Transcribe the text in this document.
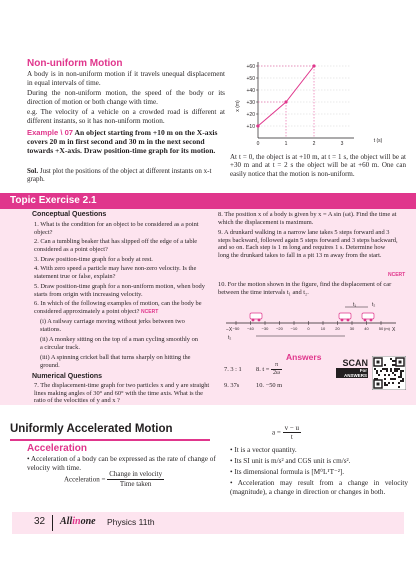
Non-uniform Motion
A body is in non-uniform motion if it travels unequal displacement in equal intervals of time.
During the non-uniform motion, the speed of the body or its direction of motion or both change with time.
e.g. The velocity of a vehicle on a crowded road is different at different instants, so it has non-uniform motion.
Example \ 07 An object starting from +10 m on the X-axis covers 20 m in first second and 30 m in the next second towards +X-axis. Draw position-time graph for its motion.
Sol. Just plot the positions of the object at different instants on x-t graph.
+10
+20
+30
+40
+50
+60
0	1	2	3
x (m)
t (s)
At t = 0, the object is at +10 m, at t = 1 s, the object will be at +30 m and at t = 2 s the object will be at +60 m. One can easily notice that the motion is non-uniform.
Topic Exercise 2.1
Conceptual Questions
1. What is the condition for an object to be considered as a point object?
2. Can a tumbling beaker that has slipped off the edge of a table considered as a point object?
3. Draw position-time graph for a body at rest.
4. With zero speed a particle may have non-zero velocity. Is the statement true or false, explain?
5. Draw position-time graph for a non-uniform motion, when body starts from origin with increasing velocity.
6. In which of the following examples of motion, can the body be considered approximately a point object? NCERT
(i) A railway carriage moving without jerks between two stations.
(ii) A monkey sitting on the top of a man cycling smoothly on a circular track.
(iii) A spinning cricket ball that turns sharply on hitting the ground.
Numerical Questions
7. The displacement-time graph for two particles x and y are straight lines making angles of 30° and 60° with the time axis. What is the ratio of the velocities of y and x ?
8. The position x of a body is given by x = A sin (ωt). Find the time at which the displacement is maximum.
9. A drunkard walking in a narrow lane takes 5 steps forward and 3 steps backward, followed again 5 steps forward and 3 steps backward, and so on. Each step is 1 m long and requires 1 s. Determine how long the drunkard takes to fall in a pit 13 m away from the start.
NCERT
10. For the motion shown in the figure, find the displacement of car between the time intervals t₁ and t₂.
−50 −40 −30 −20 −10 0	10	20	30	40	50
t₁	t₂
t₂
−X	X
(m)
Answers
7. 3 : 1 8. $t = \frac{\pi}{2\omega}$
9. 37s	10. −50 m
SCAN
For ANSWERS
Uniformly Accelerated Motion	$a = \frac{v - u}{t}$
Acceleration
• Acceleration of a body can be expressed as the rate of change of velocity with time.
Acceleration = $\frac{\text{Change in velocity}}{\text{Time taken}}$
• It is a vector quantity.
• Its SI unit is m/s² and CGS unit is cm/s².
• Its dimensional formula is [M⁰L¹T⁻²].
• Acceleration may result from a change in velocity (magnitude), a change in direction or changes in both.
32 Allinone Physics 11th
